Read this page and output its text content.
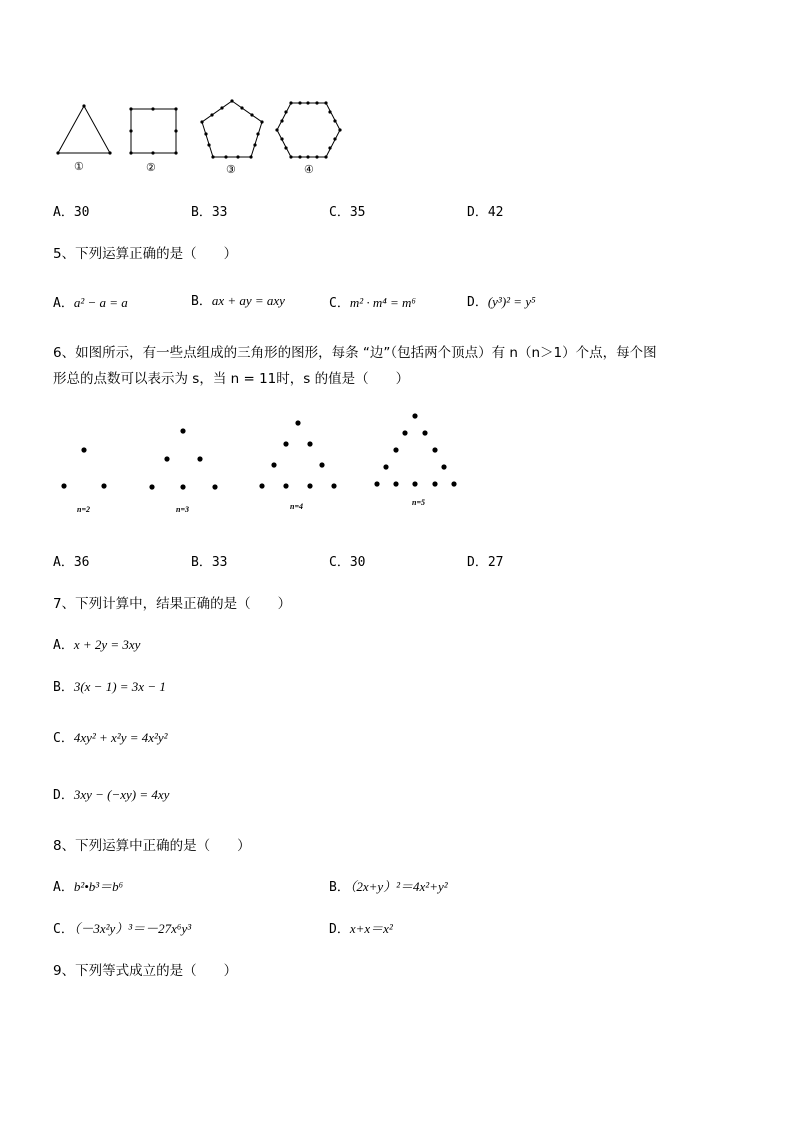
①	②	③	④
A．30	B．33	C．35	D．42
5、下列运算正确的是（　　）
A．a² − a = a	B．ax + ay = axy	C．m² · m⁴ = m⁶	D．(y³)² = y⁵
6、如图所示，有一些点组成的三角形的图形，每条 “边”（包括两个顶点）有 n（n＞1）个点，每个图
形总的点数可以表示为 s，当 n = 11时，s 的值是（　　）
n=2	n=3	n=4	n=5
A．36	B．33	C．30	D．27
7、下列计算中，结果正确的是（　　）
A．x + 2y = 3xy
B．3(x − 1) = 3x − 1
C．4xy² + x²y = 4x²y²
D．3xy − (−xy) = 4xy
8、下列运算中正确的是（　　）
A．b²•b³＝b⁶	B．（2x+y）²＝4x²+y²
C．（－3x²y）³＝－27x⁶y³	D．x+x＝x²
9、下列等式成立的是（　　）
